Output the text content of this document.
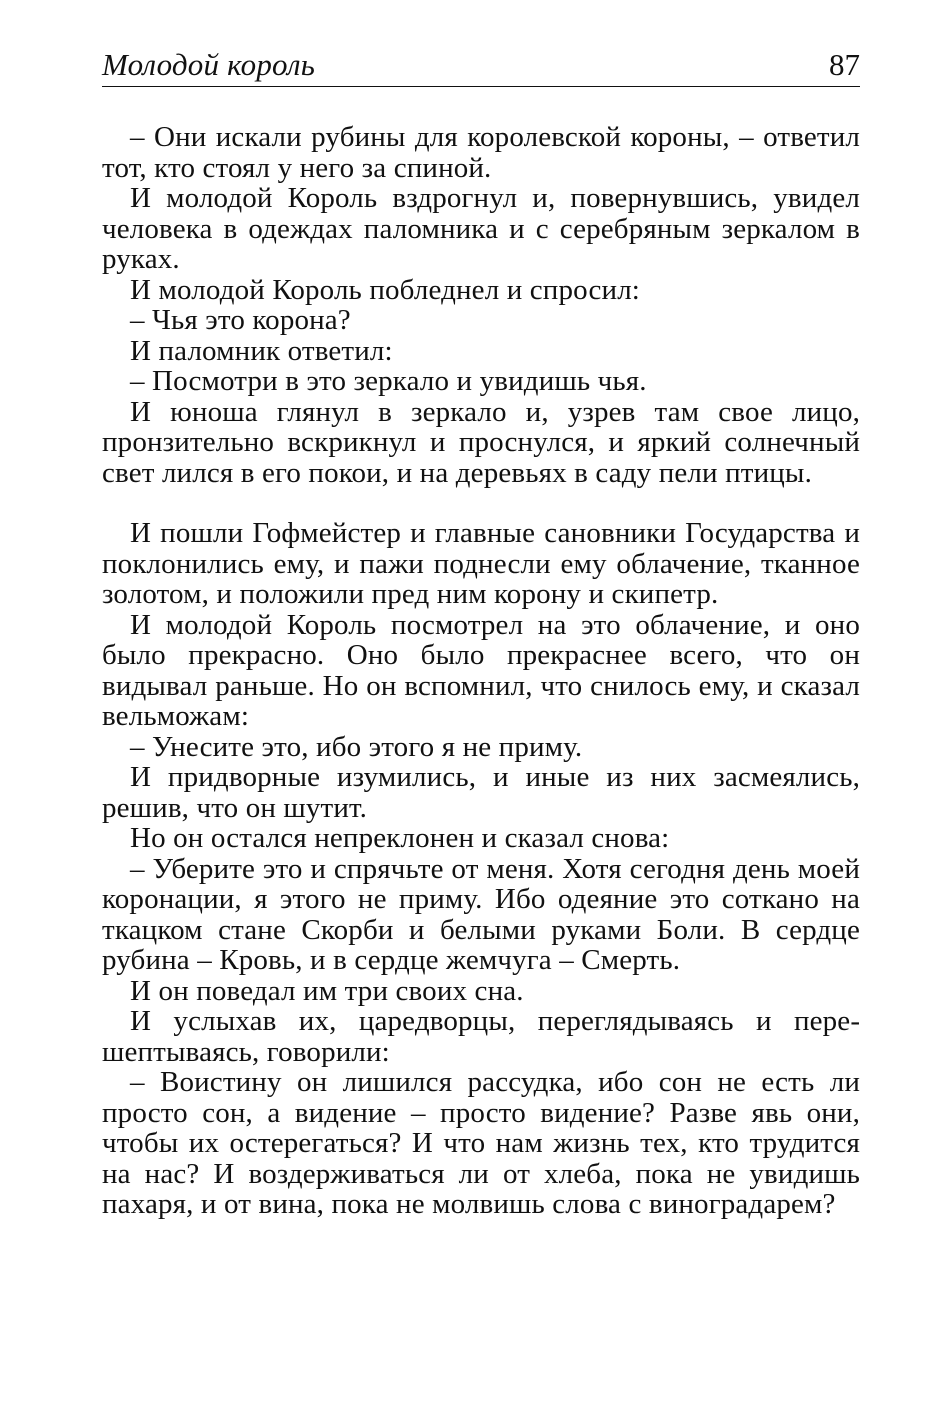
Молодой король	87

– Они искали рубины для королевской короны, – ответил тот, кто стоял у него за спиной.

И молодой Король вздрогнул и, повернувшись, увидел человека в одеждах паломника и с серебряным зеркалом в руках.

И молодой Король побледнел и спросил:

– Чья это корона?

И паломник ответил:

– Посмотри в это зеркало и увидишь чья.

И юноша глянул в зеркало и, узрев там свое лицо, пронзительно вскрикнул и проснулся, и яркий солнечный свет лился в его покои, и на деревьях в саду пели птицы.

И пошли Гофмейстер и главные сановники Государства и поклонились ему, и пажи поднесли ему облачение, тканное золотом, и положили пред ним корону и скипетр.

И молодой Король посмотрел на это облачение, и оно было прекрасно. Оно было прекраснее всего, что он видывал раньше. Но он вспомнил, что снилось ему, и сказал вельможам:

– Унесите это, ибо этого я не приму.

И придворные изумились, и иные из них засмеялись, решив, что он шутит.

Но он остался непреклонен и сказал снова:

– Уберите это и спрячьте от меня. Хотя сегодня день моей коронации, я этого не приму. Ибо одеяние это соткано на ткацком стане Скорби и белыми руками Боли. В сердце рубина – Кровь, и в сердце жемчуга – Смерть.

И он поведал им три своих сна.

И услыхав их, царедворцы, переглядываясь и перешептываясь, говорили:

– Воистину он лишился рассудка, ибо сон не есть ли просто сон, а видение – просто видение? Разве явь они, чтобы их остерегаться? И что нам жизнь тех, кто трудится на нас? И воздерживаться ли от хлеба, пока не увидишь пахаря, и от вина, пока не молвишь слова с виноградарем?
